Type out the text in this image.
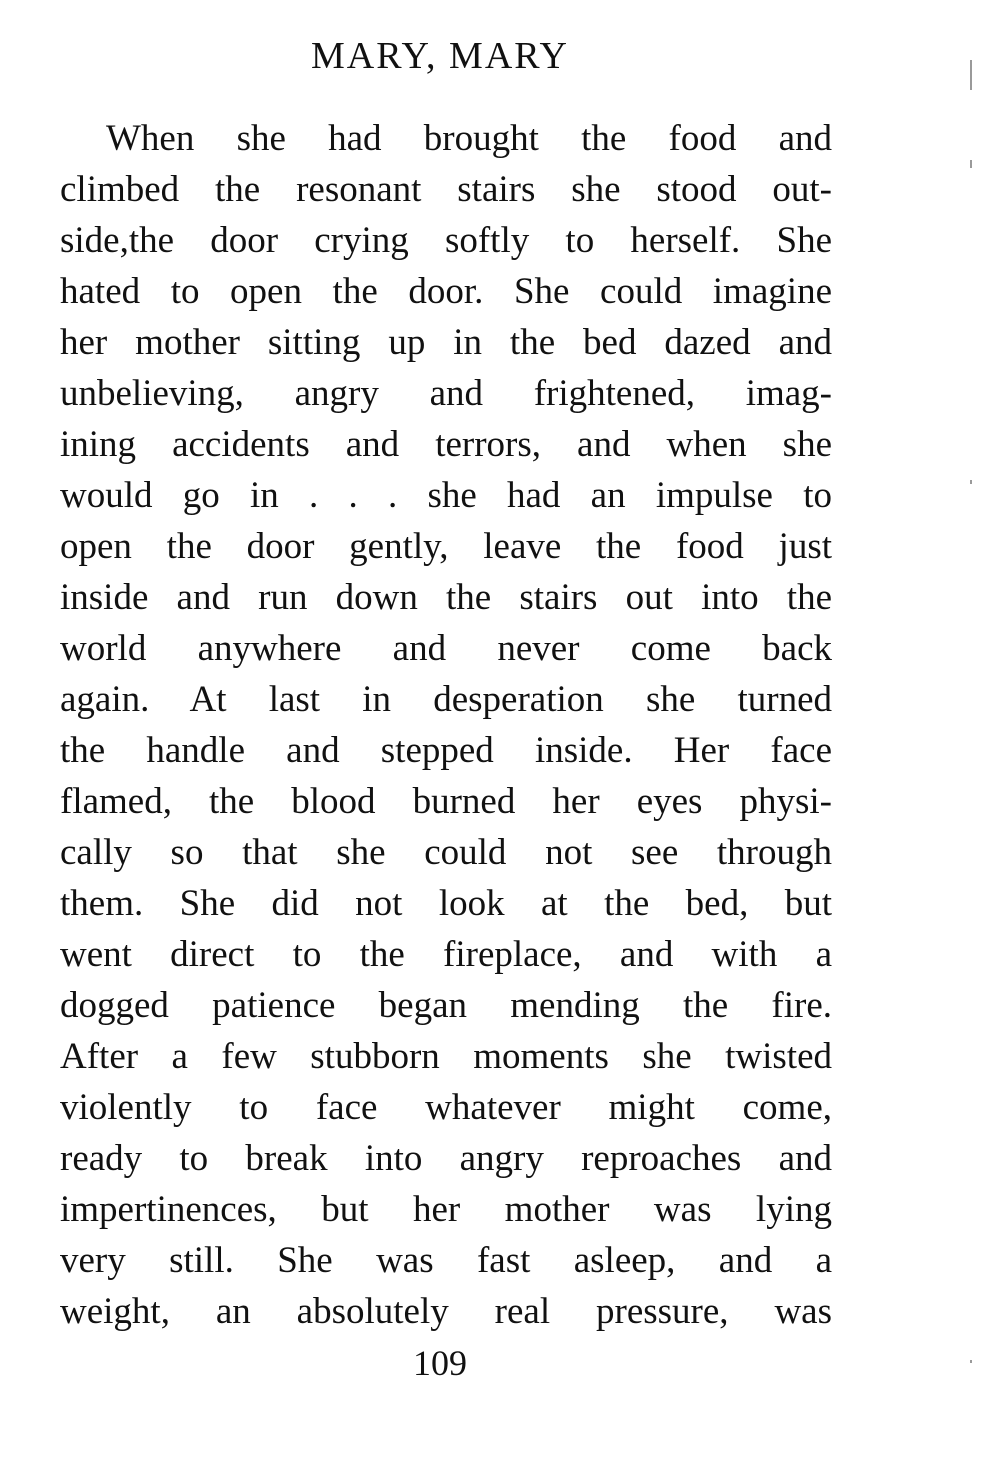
MARY, MARY
When she had brought the food and
climbed the resonant stairs she stood out-
side,the door crying softly to herself. She
hated to open the door. She could imagine
her mother sitting up in the bed dazed and
unbelieving, angry and frightened, imag-
ining accidents and terrors, and when she
would go in . . . she had an impulse to
open the door gently, leave the food just
inside and run down the stairs out into the
world anywhere and never come back
again. At last in desperation she turned
the handle and stepped inside. Her face
flamed, the blood burned her eyes physi-
cally so that she could not see through
them. She did not look at the bed, but
went direct to the fireplace, and with a
dogged patience began mending the fire.
After a few stubborn moments she twisted
violently to face whatever might come,
ready to break into angry reproaches and
impertinences, but her mother was lying
very still. She was fast asleep, and a
weight, an absolutely real pressure, was
109
